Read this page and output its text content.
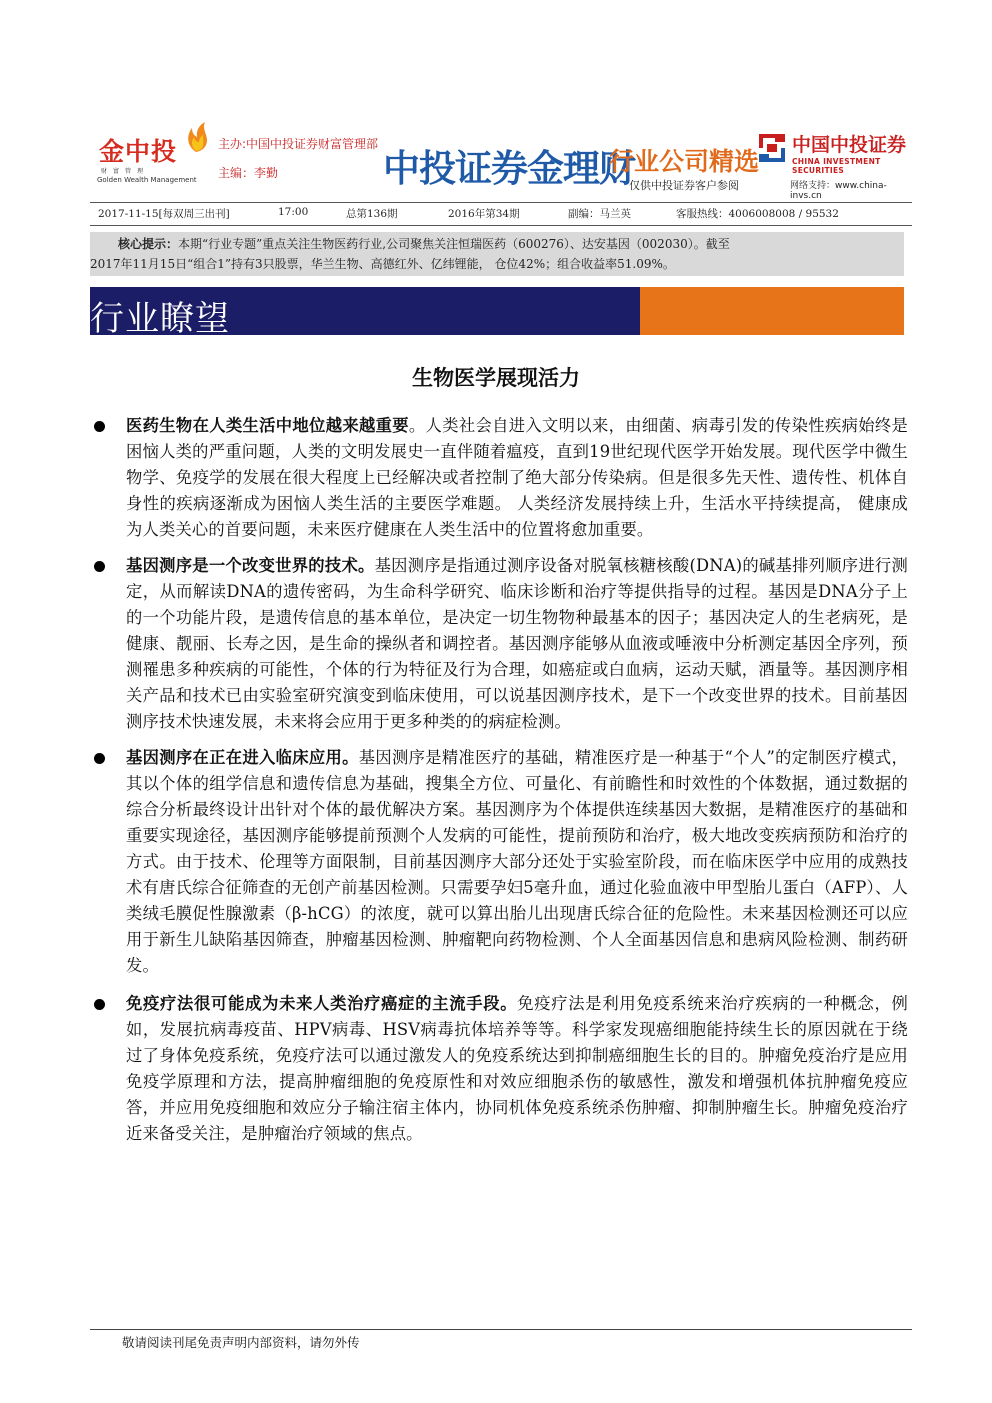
金中投
财富管理
Golden Wealth Management
主办:中国中投证券财富管理部
主编：李勤	中投证券金理财
行业公司精选
仅供中投证券客户参阅
中国中投证券
CHINA INVESTMENT SECURITIES
网络支持：www.china-invs.cn
2017-11-15[每双周三出刊]	17:00	总第136期	2016年第34期	副编：马兰英	客服热线：4006008008 / 95532
核心提示：本期“行业专题”重点关注生物医药行业,公司聚焦关注恒瑞医药（600276）、达安基因（002030）。截至
2017年11月15日“组合1”持有3只股票，华兰生物、高德红外、亿纬锂能， 仓位42%；组合收益率51.09%。
行业瞭望
生物医学展现活力
医药生物在人类生活中地位越来越重要。人类社会自进入文明以来，由细菌、病毒引发的传染性疾病始终是困恼人类的严重问题，人类的文明发展史一直伴随着瘟疫，直到19世纪现代医学开始发展。现代医学中微生物学、免疫学的发展在很大程度上已经解决或者控制了绝大部分传染病。但是很多先天性、遗传性、机体自身性的疾病逐渐成为困恼人类生活的主要医学难题。 人类经济发展持续上升，生活水平持续提高， 健康成为人类关心的首要问题，未来医疗健康在人类生活中的位置将愈加重要。
基因测序是一个改变世界的技术。基因测序是指通过测序设备对脱氧核糖核酸(DNA)的碱基排列顺序进行测定，从而解读DNA的遗传密码，为生命科学研究、临床诊断和治疗等提供指导的过程。基因是DNA分子上的一个功能片段，是遗传信息的基本单位，是决定一切生物物种最基本的因子；基因决定人的生老病死，是健康、靓丽、长寿之因，是生命的操纵者和调控者。基因测序能够从血液或唾液中分析测定基因全序列，预测罹患多种疾病的可能性，个体的行为特征及行为合理，如癌症或白血病，运动天赋，酒量等。基因测序相关产品和技术已由实验室研究演变到临床使用，可以说基因测序技术，是下一个改变世界的技术。目前基因测序技术快速发展，未来将会应用于更多种类的的病症检测。
基因测序在正在进入临床应用。基因测序是精准医疗的基础，精准医疗是一种基于“个人”的定制医疗模式，其以个体的组学信息和遗传信息为基础，搜集全方位、可量化、有前瞻性和时效性的个体数据，通过数据的综合分析最终设计出针对个体的最优解决方案。基因测序为个体提供连续基因大数据，是精准医疗的基础和重要实现途径，基因测序能够提前预测个人发病的可能性，提前预防和治疗，极大地改变疾病预防和治疗的方式。由于技术、伦理等方面限制，目前基因测序大部分还处于实验室阶段，而在临床医学中应用的成熟技术有唐氏综合征筛查的无创产前基因检测。只需要孕妇5毫升血，通过化验血液中甲型胎儿蛋白（AFP）、人类绒毛膜促性腺激素（β-hCG）的浓度，就可以算出胎儿出现唐氏综合征的危险性。未来基因检测还可以应用于新生儿缺陷基因筛查，肿瘤基因检测、肿瘤靶向药物检测、个人全面基因信息和患病风险检测、制药研发。
免疫疗法很可能成为未来人类治疗癌症的主流手段。免疫疗法是利用免疫系统来治疗疾病的一种概念，例如，发展抗病毒疫苗、HPV病毒、HSV病毒抗体培养等等。科学家发现癌细胞能持续生长的原因就在于绕过了身体免疫系统，免疫疗法可以通过激发人的免疫系统达到抑制癌细胞生长的目的。肿瘤免疫治疗是应用免疫学原理和方法，提高肿瘤细胞的免疫原性和对效应细胞杀伤的敏感性，激发和增强机体抗肿瘤免疫应答，并应用免疫细胞和效应分子输注宿主体内，协同机体免疫系统杀伤肿瘤、抑制肿瘤生长。肿瘤免疫治疗近来备受关注，是肿瘤治疗领域的焦点。
敬请阅读刊尾免责声明内部资料，请勿外传
